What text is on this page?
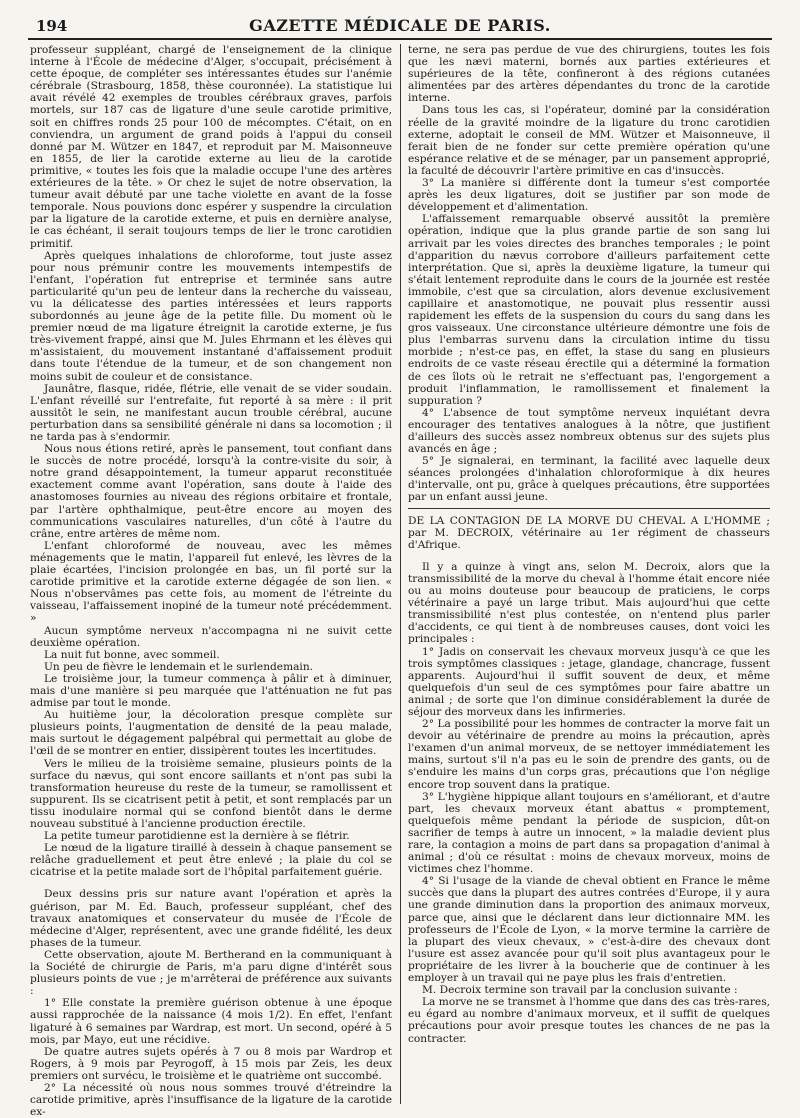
194	GAZETTE MÉDICALE DE PARIS.

professeur suppléant, chargé de l'enseignement de la clinique interne à l'École de médecine d'Alger, s'occupait, précisément à cette époque, de compléter ses intéressantes études sur l'anémie cérébrale (Strasbourg, 1858, thèse couronnée). La statistique lui avait révélé 42 exemples de troubles cérébraux graves, parfois mortels, sur 187 cas de ligature d'une seule carotide primitive, soit en chiffres ronds 25 pour 100 de mécomptes. C'était, on en conviendra, un argument de grand poids à l'appui du conseil donné par M. Wützer en 1847, et reproduit par M. Maisonneuve en 1855, de lier la carotide externe au lieu de la carotide primitive, « toutes les fois que la maladie occupe l'une des artères extérieures de la tête. » Or chez le sujet de notre observation, la tumeur avait débuté par une tache violette en avant de la fosse temporale. Nous pouvions donc espérer y suspendre la circulation par la ligature de la carotide externe, et puis en dernière analyse, le cas échéant, il serait toujours temps de lier le tronc carotidien primitif.

Après quelques inhalations de chloroforme, tout juste assez pour nous prémunir contre les mouvements intempestifs de l'enfant, l'opération fut entreprise et terminée sans autre particularité qu'un peu de lenteur dans la recherche du vaisseau, vu la délicatesse des parties intéressées et leurs rapports subordonnés au jeune âge de la petite fille. Du moment où le premier nœud de ma ligature étreignit la carotide externe, je fus très-vivement frappé, ainsi que M. Jules Ehrmann et les élèves qui m'assistaient, du mouvement instantané d'affaissement produit dans toute l'étendue de la tumeur, et de son changement non moins subit de couleur et de consistance.

Jaunâtre, flasque, ridée, flétrie, elle venait de se vider soudain. L'enfant réveillé sur l'entrefaite, fut reporté à sa mère : il prit aussitôt le sein, ne manifestant aucun trouble cérébral, aucune perturbation dans sa sensibilité générale ni dans sa locomotion ; il ne tarda pas à s'endormir.

Nous nous étions retiré, après le pansement, tout confiant dans le succès de notre procédé, lorsqu'à la contre-visite du soir, à notre grand désappointement, la tumeur apparut reconstituée exactement comme avant l'opération, sans doute à l'aide des anastomoses fournies au niveau des régions orbitaire et frontale, par l'artère ophthalmique, peut-être encore au moyen des communications vasculaires naturelles, d'un côté à l'autre du crâne, entre artères de même nom.

L'enfant chloroformé de nouveau, avec les mêmes ménagements que le matin, l'appareil fut enlevé, les lèvres de la plaie écartées, l'incision prolongée en bas, un fil porté sur la carotide primitive et la carotide externe dégagée de son lien. « Nous n'observâmes pas cette fois, au moment de l'étreinte du vaisseau, l'affaissement inopiné de la tumeur noté précédemment. »

Aucun symptôme nerveux n'accompagna ni ne suivit cette deuxième opération.

La nuit fut bonne, avec sommeil.

Un peu de fièvre le lendemain et le surlendemain.

Le troisième jour, la tumeur commença à pâlir et à diminuer, mais d'une manière si peu marquée que l'atténuation ne fut pas admise par tout le monde.

Au huitième jour, la décoloration presque complète sur plusieurs points, l'augmentation de densité de la peau malade, mais surtout le dégagement palpébral qui permettait au globe de l'œil de se montrer en entier, dissipèrent toutes les incertitudes.

Vers le milieu de la troisième semaine, plusieurs points de la surface du nævus, qui sont encore saillants et n'ont pas subi la transformation heureuse du reste de la tumeur, se ramollissent et suppurent. Ils se cicatrisent petit à petit, et sont remplacés par un tissu inodulaire normal qui se confond bientôt dans le derme nouveau substitué à l'ancienne production érectile.

La petite tumeur parotidienne est la dernière à se flétrir.

Le nœud de la ligature tiraillé à dessein à chaque pansement se relâche graduellement et peut être enlevé ; la plaie du col se cicatrise et la petite malade sort de l'hôpital parfaitement guérie.

Deux dessins pris sur nature avant l'opération et après la guérison, par M. Ed. Bauch, professeur suppléant, chef des travaux anatomiques et conservateur du musée de l'École de médecine d'Alger, représentent, avec une grande fidélité, les deux phases de la tumeur.

Cette observation, ajoute M. Bertherand en la communiquant à la Société de chirurgie de Paris, m'a paru digne d'intérêt sous plusieurs points de vue ; je m'arrêterai de préférence aux suivants :

1° Elle constate la première guérison obtenue à une époque aussi rapprochée de la naissance (4 mois 1/2). En effet, l'enfant ligaturé à 6 semaines par Wardrap, est mort. Un second, opéré à 5 mois, par Mayo, eut une récidive.

De quatre autres sujets opérés à 7 ou 8 mois par Wardrop et Rogers, à 9 mois par Peyrogoff, à 15 mois par Zeis, les deux premiers ont survécu, le troisième et le quatrième ont succombé.

2° La nécessité où nous nous sommes trouvé d'étreindre la carotide primitive, après l'insuffisance de la ligature de la carotide ex-

terne, ne sera pas perdue de vue des chirurgiens, toutes les fois que les nævi materni, bornés aux parties extérieures et supérieures de la tête, confineront à des régions cutanées alimentées par des artères dépendantes du tronc de la carotide interne.

Dans tous les cas, si l'opérateur, dominé par la considération réelle de la gravité moindre de la ligature du tronc carotidien externe, adoptait le conseil de MM. Wützer et Maisonneuve, il ferait bien de ne fonder sur cette première opération qu'une espérance relative et de se ménager, par un pansement approprié, la faculté de découvrir l'artère primitive en cas d'insuccès.

3° La manière si différente dont la tumeur s'est comportée après les deux ligatures, doit se justifier par son mode de développement et d'alimentation.

L'affaissement remarquable observé aussitôt la première opération, indique que la plus grande partie de son sang lui arrivait par les voies directes des branches temporales ; le point d'apparition du nævus corrobore d'ailleurs parfaitement cette interprétation. Que si, après la deuxième ligature, la tumeur qui s'était lentement reproduite dans le cours de la journée est restée immobile, c'est que sa circulation, alors devenue exclusivement capillaire et anastomotique, ne pouvait plus ressentir aussi rapidement les effets de la suspension du cours du sang dans les gros vaisseaux. Une circonstance ultérieure démontre une fois de plus l'embarras survenu dans la circulation intime du tissu morbide ; n'est-ce pas, en effet, la stase du sang en plusieurs endroits de ce vaste réseau érectile qui a déterminé la formation de ces îlots où le retrait ne s'effectuant pas, l'engorgement a produit l'inflammation, le ramollissement et finalement la suppuration ?

4° L'absence de tout symptôme nerveux inquiétant devra encourager des tentatives analogues à la nôtre, que justifient d'ailleurs des succès assez nombreux obtenus sur des sujets plus avancés en âge ;

5° Je signalerai, en terminant, la facilité avec laquelle deux séances prolongées d'inhalation chloroformique à dix heures d'intervalle, ont pu, grâce à quelques précautions, être supportées par un enfant aussi jeune.

DE LA CONTAGION DE LA MORVE DU CHEVAL A L'HOMME ; par M. DECROIX, vétérinaire au 1er régiment de chasseurs d'Afrique.

Il y a quinze à vingt ans, selon M. Decroix, alors que la transmissibilité de la morve du cheval à l'homme était encore niée ou au moins douteuse pour beaucoup de praticiens, le corps vétérinaire a payé un large tribut. Mais aujourd'hui que cette transmissibilité n'est plus contestée, on n'entend plus parler d'accidents, ce qui tient à de nombreuses causes, dont voici les principales :

1° Jadis on conservait les chevaux morveux jusqu'à ce que les trois symptômes classiques : jetage, glandage, chancrage, fussent apparents. Aujourd'hui il suffit souvent de deux, et même quelquefois d'un seul de ces symptômes pour faire abattre un animal ; de sorte que l'on diminue considérablement la durée de séjour des morveux dans les infirmeries.

2° La possibilité pour les hommes de contracter la morve fait un devoir au vétérinaire de prendre au moins la précaution, après l'examen d'un animal morveux, de se nettoyer immédiatement les mains, surtout s'il n'a pas eu le soin de prendre des gants, ou de s'enduire les mains d'un corps gras, précautions que l'on néglige encore trop souvent dans la pratique.

3° L'hygiène hippique allant toujours en s'améliorant, et d'autre part, les chevaux morveux étant abattus « promptement, quelquefois même pendant la période de suspicion, dût-on sacrifier de temps à autre un innocent, » la maladie devient plus rare, la contagion a moins de part dans sa propagation d'animal à animal ; d'où ce résultat : moins de chevaux morveux, moins de victimes chez l'homme.

4° Si l'usage de la viande de cheval obtient en France le même succès que dans la plupart des autres contrées d'Europe, il y aura une grande diminution dans la proportion des animaux morveux, parce que, ainsi que le déclarent dans leur dictionnaire MM. les professeurs de l'École de Lyon, « la morve termine la carrière de la plupart des vieux chevaux, » c'est-à-dire des chevaux dont l'usure est assez avancée pour qu'il soit plus avantageux pour le propriétaire de les livrer à la boucherie que de continuer à les employer à un travail qui ne paye plus les frais d'entretien.

M. Decroix termine son travail par la conclusion suivante :

La morve ne se transmet à l'homme que dans des cas très-rares, eu égard au nombre d'animaux morveux, et il suffit de quelques précautions pour avoir presque toutes les chances de ne pas la contracter.
